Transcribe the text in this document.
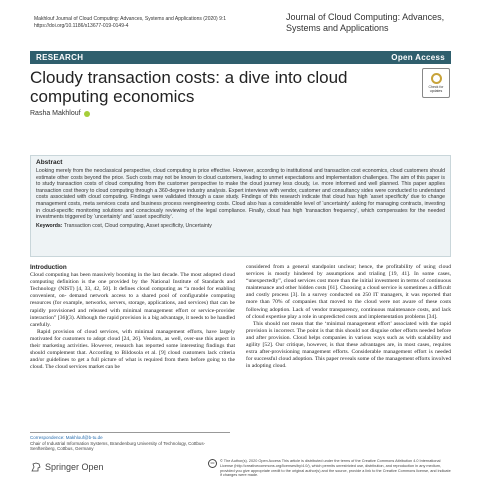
Makhlouf Journal of Cloud Computing: Advances, Systems and Applications (2020) 9:1
https://doi.org/10.1186/s13677-019-0149-4
Journal of Cloud Computing: Advances, Systems and Applications
RESEARCH	Open Access
Cloudy transaction costs: a dive into cloud computing economics	Check for updates
Rasha Makhlouf
Abstract
Looking merely from the neoclassical perspective, cloud computing is price effective. However, according to institutional and transaction cost economics, cloud customers should estimate other costs beyond the price. Such costs may not be known to cloud customers, leading to unmet expectations and implementation challenges. The aim of this paper is to study transaction costs of cloud computing from the customer perspective to make the cloud journey less cloudy, i.e. more informed and well planned. This paper applies transaction cost theory to cloud computing through a 360-degree industry analysis. Expert interviews with vendor, customer and consultancy sides were conducted to understand costs associated with cloud computing. Findings were validated through a case study. Findings of this research indicate that cloud has high ‘asset specificity’ due to change management costs, meta services costs and business process reengineering costs. Cloud also has a considerable level of ‘uncertainty’ asking for managing contracts, investing in cloud-specific monitoring solutions and consciously reviewing of the legal compliance. Finally, cloud has high ‘transaction frequency’, which compensates for the needed investments triggered by ‘uncertainty’ and ‘asset specificity’.
Keywords: Transaction cost, Cloud computing, Asset specificity, Uncertainty
Introduction

Cloud computing has been massively booming in the last decade. The most adopted cloud computing definition is the one provided by the National Institute of Standards and Technology (NIST) [4, 33, 42, 50]. It defines cloud computing as “a model for enabling convenient, on- demand network access to a shared pool of configurable computing resources (for example, networks, servers, storage, applications, and services) that can be rapidly provisioned and released with minimal management effort or service-provider interaction” [36](3). Although the rapid provision is a big advantage, it needs to be handled carefully.

Rapid provision of cloud services, with minimal management efforts, have largely motivated for customers to adopt cloud [24, 26]. Vendors, as well, over-use this aspect in their marketing activities. However, research has reported some interesting findings that should complement that. According to Bildosola et al. [9] cloud customers lack criteria and/or guidelines to get a full picture of what is required from them before going to the cloud. The cloud services market can be

considered from a general standpoint unclear; hence, the profitability of using cloud services is mostly hindered by assumptions and trialing [19, 41]. In some cases, “unexpectedly”, cloud services cost more than the initial investment in terms of continuous maintenance and other hidden costs [61]. Choosing a cloud service is sometimes a difficult and costly process [3]. In a survey conducted on 250 IT managers, it was reported that more than 70% of companies that moved to the cloud were not aware of these costs following adoption. Lack of vendor transparency, continuous maintenance costs, and lack of cloud expertise play a role in unpredicted costs and implementation problems [34].

This should not mean that the ‘minimal management effort’ associated with the rapid provision is incorrect. The point is that this should not disguise other efforts needed before and after provision. Cloud helps companies in various ways such as with scalability and agility [52]. Our critique, however, is that these advantages are, in most cases, requires extra after-provisioning management efforts. Considerable management effort is needed for successful cloud adoption. This paper reveals some of the management efforts involved in adopting cloud.

Correspondence: Makhlouf@b-tu.de
Chair of Industrial Information Systems, Brandenburg University of Technology, Cottbus-Senftenberg, Cottbus, Germany
Springer Open	cc	© The Author(s). 2020 Open Access This article is distributed under the terms of the Creative Commons Attribution 4.0 International License (http://creativecommons.org/licenses/by/4.0/), which permits unrestricted use, distribution, and reproduction in any medium, provided you give appropriate credit to the original author(s) and the source, provide a link to the Creative Commons license, and indicate if changes were made.
